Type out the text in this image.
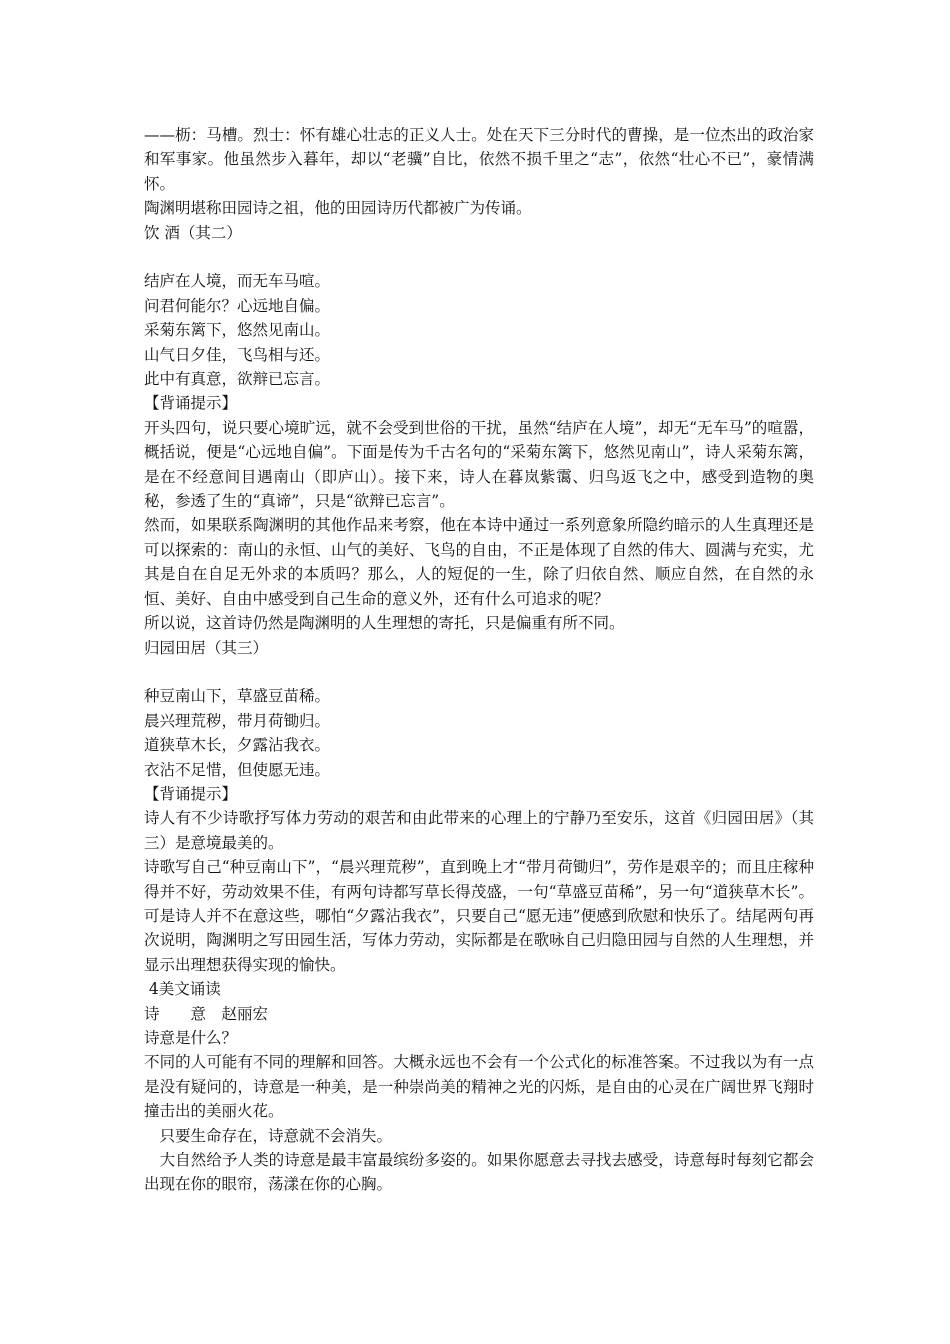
——枥：马槽。烈士：怀有雄心壮志的正义人士。处在天下三分时代的曹操，是一位杰出的政治家和军事家。他虽然步入暮年，却以“老骥”自比，依然不损千里之“志”，依然“壮心不已”，豪情满怀。
陶渊明堪称田园诗之祖，他的田园诗历代都被广为传诵。
饮 酒（其二）
结庐在人境，而无车马喧。
问君何能尔？心远地自偏。
采菊东篱下，悠然见南山。
山气日夕佳，飞鸟相与还。
此中有真意，欲辩已忘言。
【背诵提示】
开头四句，说只要心境旷远，就不会受到世俗的干扰，虽然“结庐在人境”，却无“无车马”的喧嚣，概括说，便是“心远地自偏”。下面是传为千古名句的“采菊东篱下，悠然见南山”，诗人采菊东篱，是在不经意间目遇南山（即庐山）。接下来，诗人在暮岚紫霭、归鸟返飞之中，感受到造物的奥秘，参透了生的“真谛”，只是“欲辩已忘言”。
然而，如果联系陶渊明的其他作品来考察，他在本诗中通过一系列意象所隐约暗示的人生真理还是可以探索的：南山的永恒、山气的美好、飞鸟的自由，不正是体现了自然的伟大、圆满与充实，尤其是自在自足无外求的本质吗？那么，人的短促的一生，除了归依自然、顺应自然，在自然的永恒、美好、自由中感受到自己生命的意义外，还有什么可追求的呢？
所以说，这首诗仍然是陶渊明的人生理想的寄托，只是偏重有所不同。
归园田居（其三）
种豆南山下，草盛豆苗稀。
晨兴理荒秽，带月荷锄归。
道狭草木长，夕露沾我衣。
衣沾不足惜，但使愿无违。
【背诵提示】
诗人有不少诗歌抒写体力劳动的艰苦和由此带来的心理上的宁静乃至安乐，这首《归园田居》（其三）是意境最美的。
诗歌写自己“种豆南山下”，“晨兴理荒秽”，直到晚上才“带月荷锄归”，劳作是艰辛的；而且庄稼种得并不好，劳动效果不佳，有两句诗都写草长得茂盛，一句“草盛豆苗稀”，另一句“道狭草木长”。可是诗人并不在意这些，哪怕“夕露沾我衣”，只要自己“愿无违”便感到欣慰和快乐了。结尾两句再次说明，陶渊明之写田园生活，写体力劳动，实际都是在歌咏自己归隐田园与自然的人生理想，并显示出理想获得实现的愉快。
4美文诵读
诗　　意　赵丽宏
诗意是什么？
不同的人可能有不同的理解和回答。大概永远也不会有一个公式化的标准答案。不过我以为有一点是没有疑问的，诗意是一种美，是一种崇尚美的精神之光的闪烁，是自由的心灵在广阔世界飞翔时撞击出的美丽火花。
　只要生命存在，诗意就不会消失。
　大自然给予人类的诗意是最丰富最缤纷多姿的。如果你愿意去寻找去感受，诗意每时每刻它都会出现在你的眼帘，荡漾在你的心胸。
